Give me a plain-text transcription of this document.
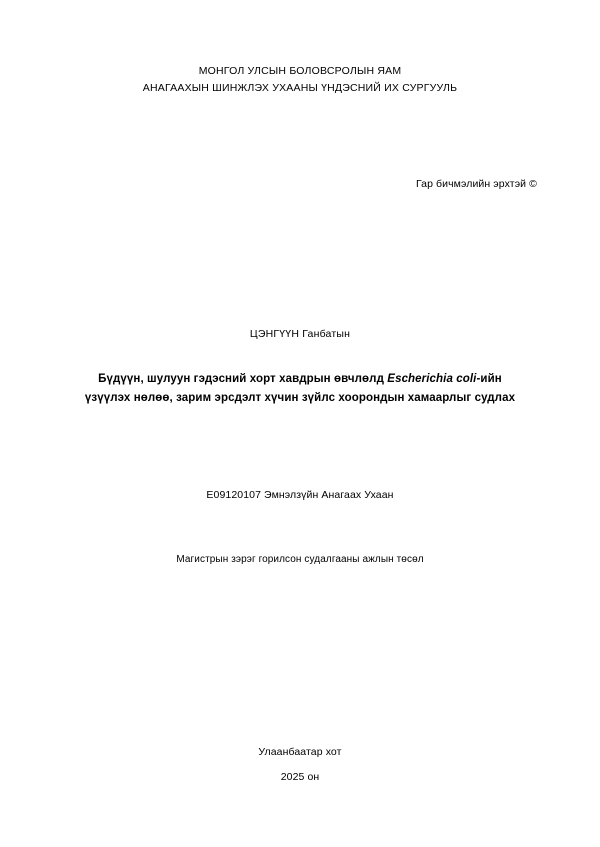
МОНГОЛ УЛСЫН БОЛОВСРОЛЫН ЯАМ
АНАГААХЫН ШИНЖЛЭХ УХААНЫ ҮНДЭСНИЙ ИХ СУРГУУЛЬ
Гар бичмэлийн эрхтэй ©
ЦЭНГҮҮН Ганбатын
Бүдүүн, шулуун гэдэсний хорт хавдрын өвчлөлд Escherichia coli-ийн үзүүлэх нөлөө, зарим эрсдэлт хүчин зүйлс хоорондын хамаарлыг судлах
E09120107 Эмнэлзүйн Анагаах Ухаан
Магистрын зэрэг горилсон судалгааны ажлын төсөл
Улаанбаатар хот
2025 он
